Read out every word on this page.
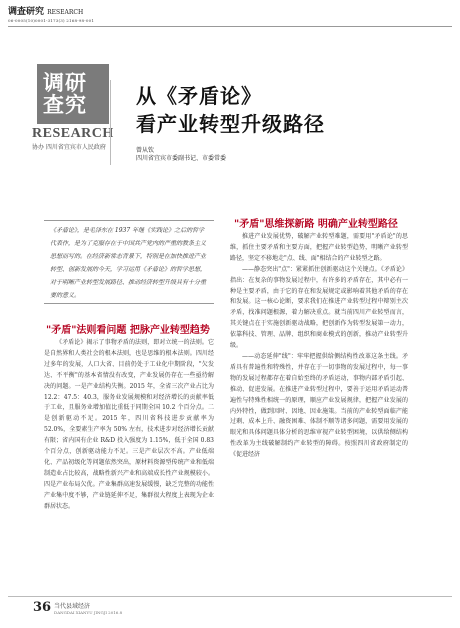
调查研究 RESEARCH
06-0005(10)0001-3173(3) 2168-98-001
调研
查究
RESEARCH
协办 四川省宜宾市人民政府
从《矛盾论》
看产业转型升级路径
曾从钦
四川省宜宾市委副书记、市委常委
《矛盾论》，是毛泽东在 1937 年继《实践论》之后的哲学代表作，是为了克服存在于中国共产党内的严重的教条主义思想而写的。在经济新常态背景下，特别是在加快推进产业转型、创新发展的今天，学习运用《矛盾论》的哲学思想，对于明晰产业转型发展路径、推动经济转型升级具有十分重要的意义。
"矛盾"法则看问题 把脉产业转型趋势

《矛盾论》揭示了事物矛盾的法则，即对立统一的法则。它是自然界和人类社会的根本法则，也是思维的根本法则。四川经过多年的发展，人口大省、目前仍处于工业化中期阶段，"欠发达、不平衡"的基本省情没有改变，产业发展仍存在一些亟待解决的问题。一是产业结构失衡。2015 年，全省三次产业占比为 12.2：47.5：40.3，服务业发展规模和对经济增长的贡献率低于工业，且服务业增加值比重低于同期全国 10.2 个百分点。二是创新驱动不足。2015 年，四川省科技进步贡献率为 52.0%，全要素生产率为 50% 左右，技术进步对经济增长贡献有限；省内国有企业 R&D 投入强度为 1.15%，低于全国 0.83 个百分点，创新驱动能力不足。三是产业层次不高。产业低端化、产品初级化等问题依然突出，原材料资源型传统产业和低端制造业占比较高，战略性新兴产业和高端成长性产业规模较小。四是产业布局欠优。产业集群高速发展缓慢，缺乏完整的功能性产业集中度不够，产业链延伸不足，集群很大程度上表现为企业群居状态。

"矛盾"思维探新路 明确产业转型路径

推进产业发展优势，破解产业转型难题，需要用"矛盾论"的思维，抓住主要矛盾和主要方面，把握产业转型趋势，明晰产业转型路径，坚定不移地走"点、线、面"相结合的产业转型之路。

——静态突出"点"：紧紧抓住创新驱动这个关键点。《矛盾论》指出：在复杂的事物发展过程中，有许多的矛盾存在，其中必有一种是主要矛盾，由于它的存在和发展规定或影响着其他矛盾的存在和发展。这一核心论断，要求我们在推进产业转型过程中辩别主次矛盾，找准问题根源，着力解决重点。就当前四川产业转型而言，其关键点在于实施创新驱动战略，把创新作为转型发展第一动力，依靠科技、管理、品牌、组织和商业模式的创新，推动产业转型升级。

——动态延伸"线"：牢牢把握供给侧结构性改革这条主线。矛盾具有普遍性和特殊性，并存在于一切事物的发展过程中，每一事物的发展过程都存在着自始至终的矛盾运动，事物内部矛盾引起、推动、促进发展。在推进产业转型过程中，要善于运用矛盾运动普遍性与特殊性相统一的原理，顺应产业发展规律，把握产业发展的内外特性，做到因时、因地、因业施策。当前的产业转型面临产能过剩、成本上升、融资困难、体制不顺等诸多问题，需要用发展的眼光和具体问题具体分析的思维审视产业转型困境，以供给侧结构性改革为主线破解制约产业转型的障碍。按照四川省政府制定的《促进经济

36 当代县域经济
DANGDAI XIANYU JINGJI 2016.8
